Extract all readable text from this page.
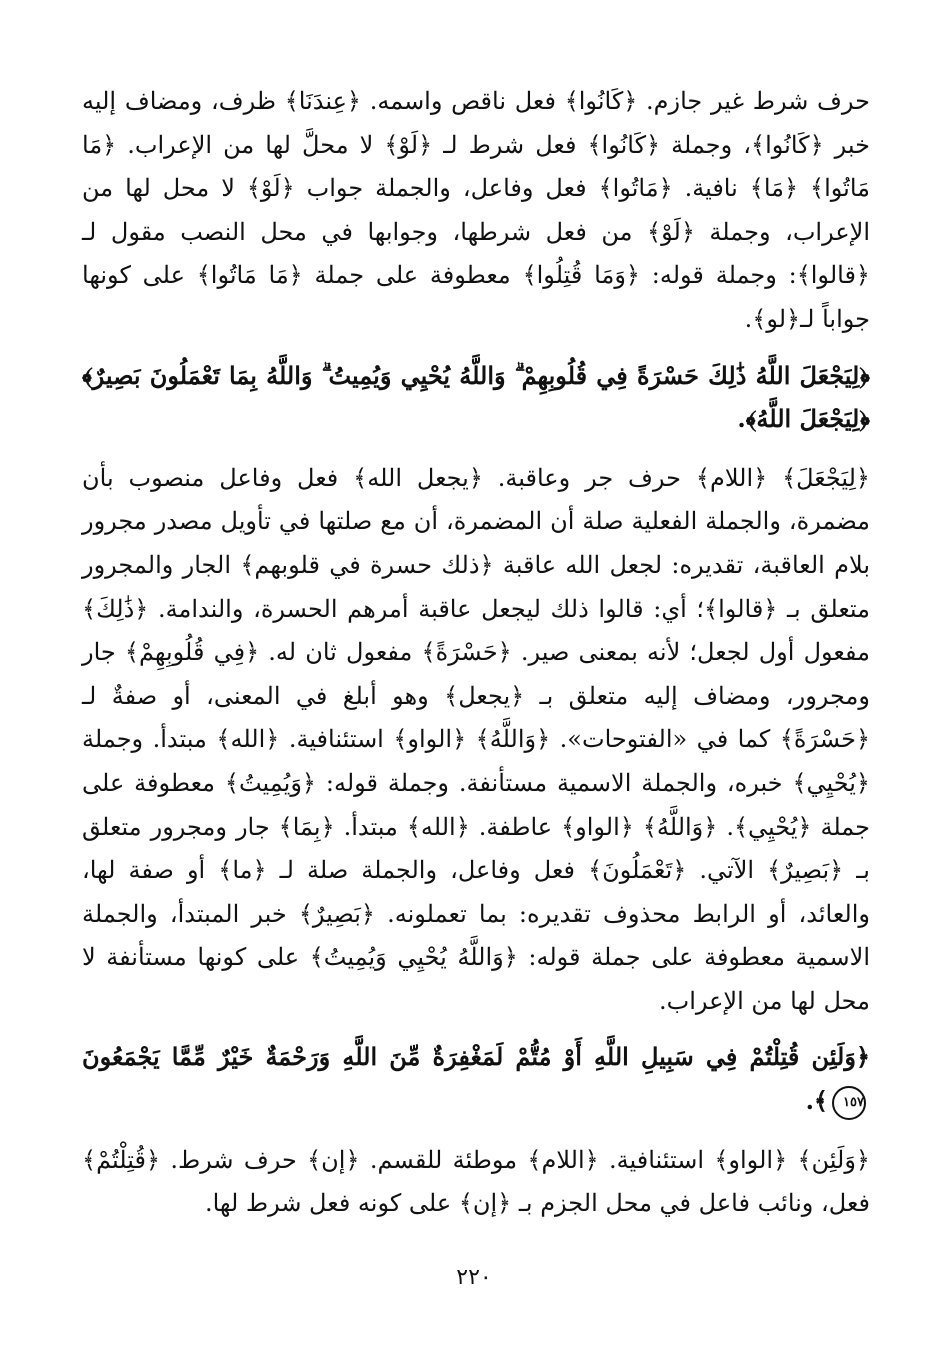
حرف شرط غير جازم. ﴿كَانُوا﴾ فعل ناقص واسمه. ﴿عِندَنَا﴾ ظرف، ومضاف إليه خبر ﴿كَانُوا﴾، وجملة ﴿كَانُوا﴾ فعل شرط لـ ﴿لَوْ﴾ لا محلَّ لها من الإعراب. ﴿مَا مَاتُوا﴾ ﴿مَا﴾ نافية. ﴿مَاتُوا﴾ فعل وفاعل، والجملة جواب ﴿لَوْ﴾ لا محل لها من الإعراب، وجملة ﴿لَوْ﴾ من فعل شرطها، وجوابها في محل النصب مقول لـ ﴿قالوا﴾: وجملة قوله: ﴿وَمَا قُتِلُوا﴾ معطوفة على جملة ﴿مَا مَاتُوا﴾ على كونها جواباً لـ﴿لو﴾.

﴿لِيَجْعَلَ اللَّهُ ذَٰلِكَ حَسْرَةً فِي قُلُوبِهِمْ ۗ وَاللَّهُ يُحْيِي وَيُمِيتُ ۗ وَاللَّهُ بِمَا تَعْمَلُونَ بَصِيرٌ﴾ ﴿لِيَجْعَلَ اللَّهُ﴾.

﴿لِيَجْعَلَ﴾ ﴿اللام﴾ حرف جر وعاقبة. ﴿يجعل الله﴾ فعل وفاعل منصوب بأن مضمرة، والجملة الفعلية صلة أن المضمرة، أن مع صلتها في تأويل مصدر مجرور بلام العاقبة، تقديره: لجعل الله عاقبة ﴿ذلك حسرة في قلوبهم﴾ الجار والمجرور متعلق بـ ﴿قالوا﴾؛ أي: قالوا ذلك ليجعل عاقبة أمرهم الحسرة، والندامة. ﴿ذَٰلِكَ﴾ مفعول أول لجعل؛ لأنه بمعنى صير. ﴿حَسْرَةً﴾ مفعول ثان له. ﴿فِي قُلُوبِهِمْ﴾ جار ومجرور، ومضاف إليه متعلق بـ ﴿يجعل﴾ وهو أبلغ في المعنى، أو صفةٌ لـ ﴿حَسْرَةً﴾ كما في «الفتوحات». ﴿وَاللَّهُ﴾ ﴿الواو﴾ استئنافية. ﴿الله﴾ مبتدأ. وجملة ﴿يُحْيِي﴾ خبره، والجملة الاسمية مستأنفة. وجملة قوله: ﴿وَيُمِيتُ﴾ معطوفة على جملة ﴿يُحْيِي﴾. ﴿وَاللَّهُ﴾ ﴿الواو﴾ عاطفة. ﴿الله﴾ مبتدأ. ﴿بِمَا﴾ جار ومجرور متعلق بـ ﴿بَصِيرٌ﴾ الآتي. ﴿تَعْمَلُونَ﴾ فعل وفاعل، والجملة صلة لـ ﴿ما﴾ أو صفة لها، والعائد، أو الرابط محذوف تقديره: بما تعملونه. ﴿بَصِيرٌ﴾ خبر المبتدأ، والجملة الاسمية معطوفة على جملة قوله: ﴿وَاللَّهُ يُحْيِي وَيُمِيتُ﴾ على كونها مستأنفة لا محل لها من الإعراب.

﴿وَلَئِن قُتِلْتُمْ فِي سَبِيلِ اللَّهِ أَوْ مُتُّمْ لَمَغْفِرَةٌ مِّنَ اللَّهِ وَرَحْمَةٌ خَيْرٌ مِّمَّا يَجْمَعُونَ ١٥٧﴾.

﴿وَلَئِن﴾ ﴿الواو﴾ استئنافية. ﴿اللام﴾ موطئة للقسم. ﴿إن﴾ حرف شرط. ﴿قُتِلْتُمْ﴾ فعل، ونائب فاعل في محل الجزم بـ ﴿إن﴾ على كونه فعل شرط لها.

٢٢٠
